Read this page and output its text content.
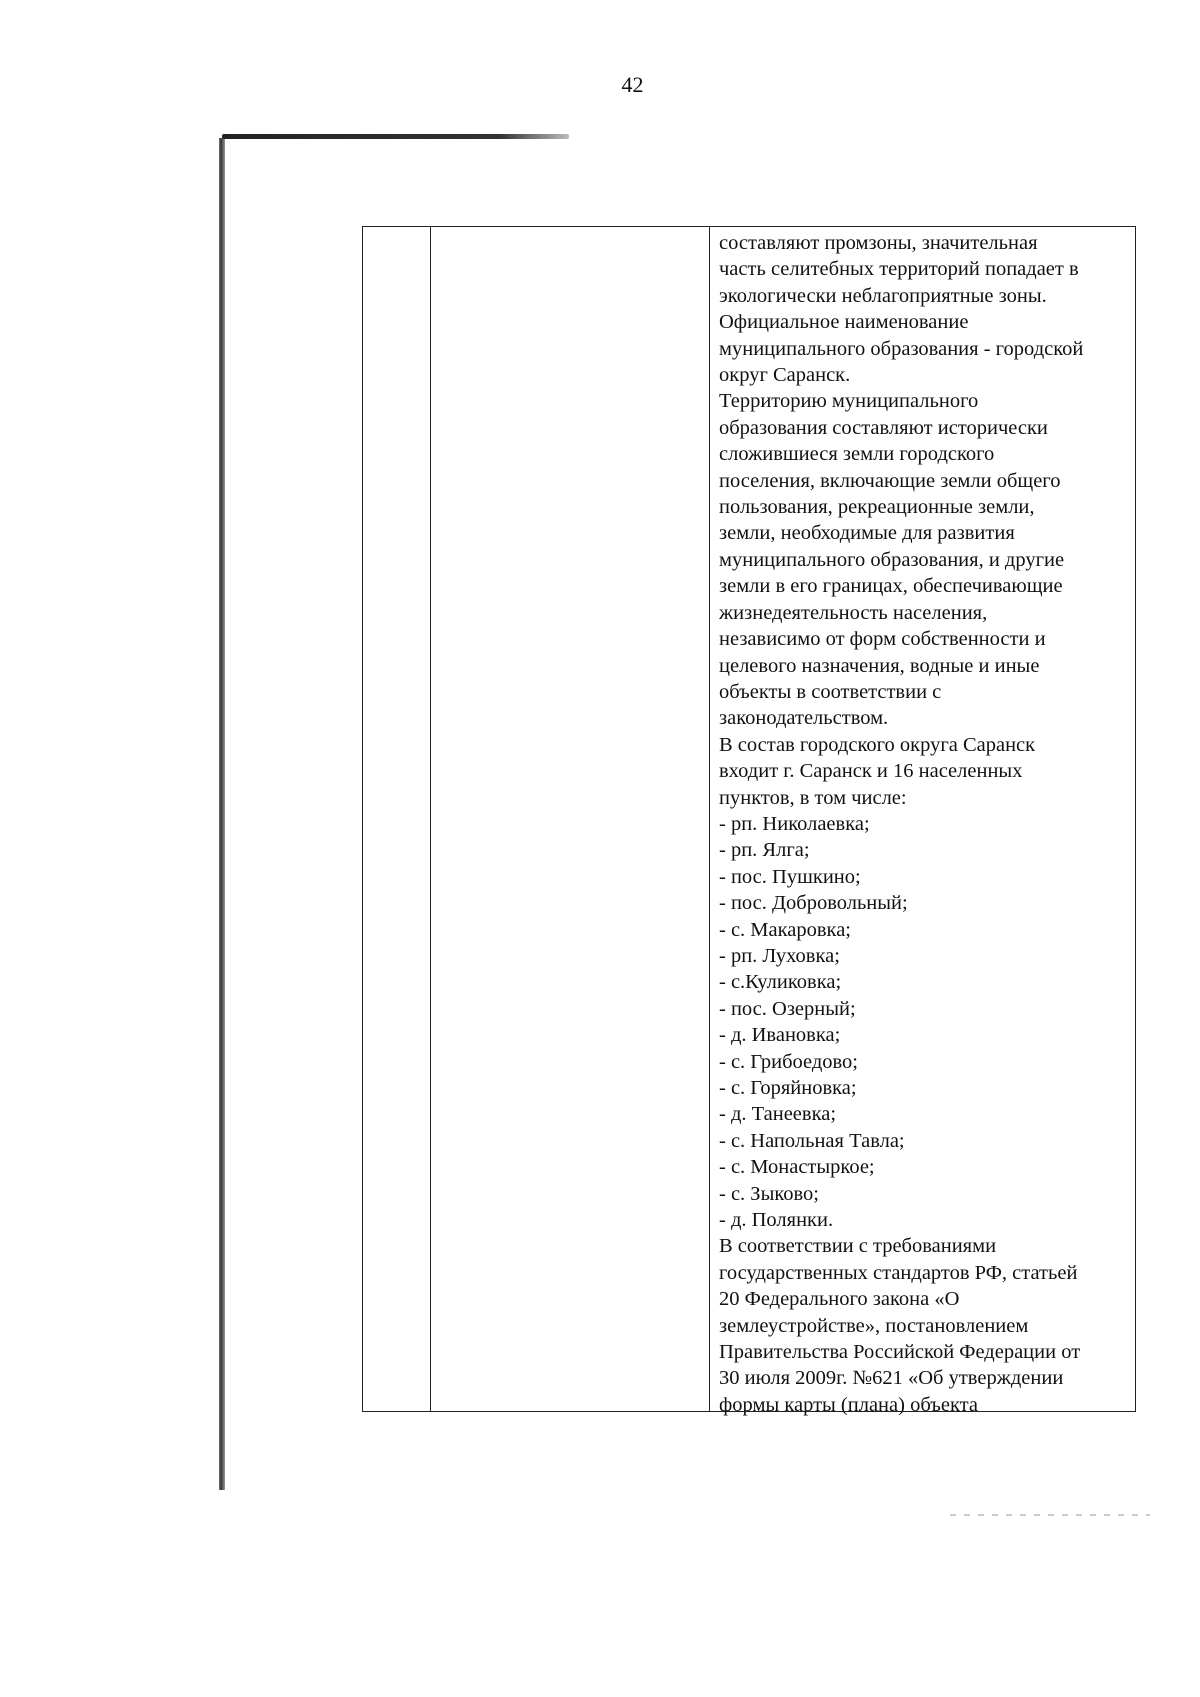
42
составляют промзоны, значительная
часть селитебных территорий попадает в
экологически неблагоприятные зоны.
Официальное наименование
муниципального образования - городской
округ Саранск.
Территорию муниципального
образования составляют исторически
сложившиеся земли городского
поселения, включающие земли общего
пользования, рекреационные земли,
земли, необходимые для развития
муниципального образования, и другие
земли в его границах, обеспечивающие
жизнедеятельность населения,
независимо от форм собственности и
целевого назначения, водные и иные
объекты в соответствии с
законодательством.
В состав городского округа Саранск
входит г. Саранск и 16 населенных
пунктов, в том числе:
- рп. Николаевка;
- рп. Ялга;
- пос. Пушкино;
- пос. Добровольный;
- с. Макаровка;
- рп. Луховка;
- с.Куликовка;
- пос. Озерный;
- д. Ивановка;
- с. Грибоедово;
- с. Горяйновка;
- д. Танеевка;
- с. Напольная Тавла;
- с. Монастыркое;
- с. Зыково;
- д. Полянки.
В соответствии с требованиями
государственных стандартов РФ, статьей
20 Федерального закона «О
землеустройстве», постановлением
Правительства Российской Федерации от
30 июля 2009г. №621 «Об утверждении
формы карты (плана) объекта
